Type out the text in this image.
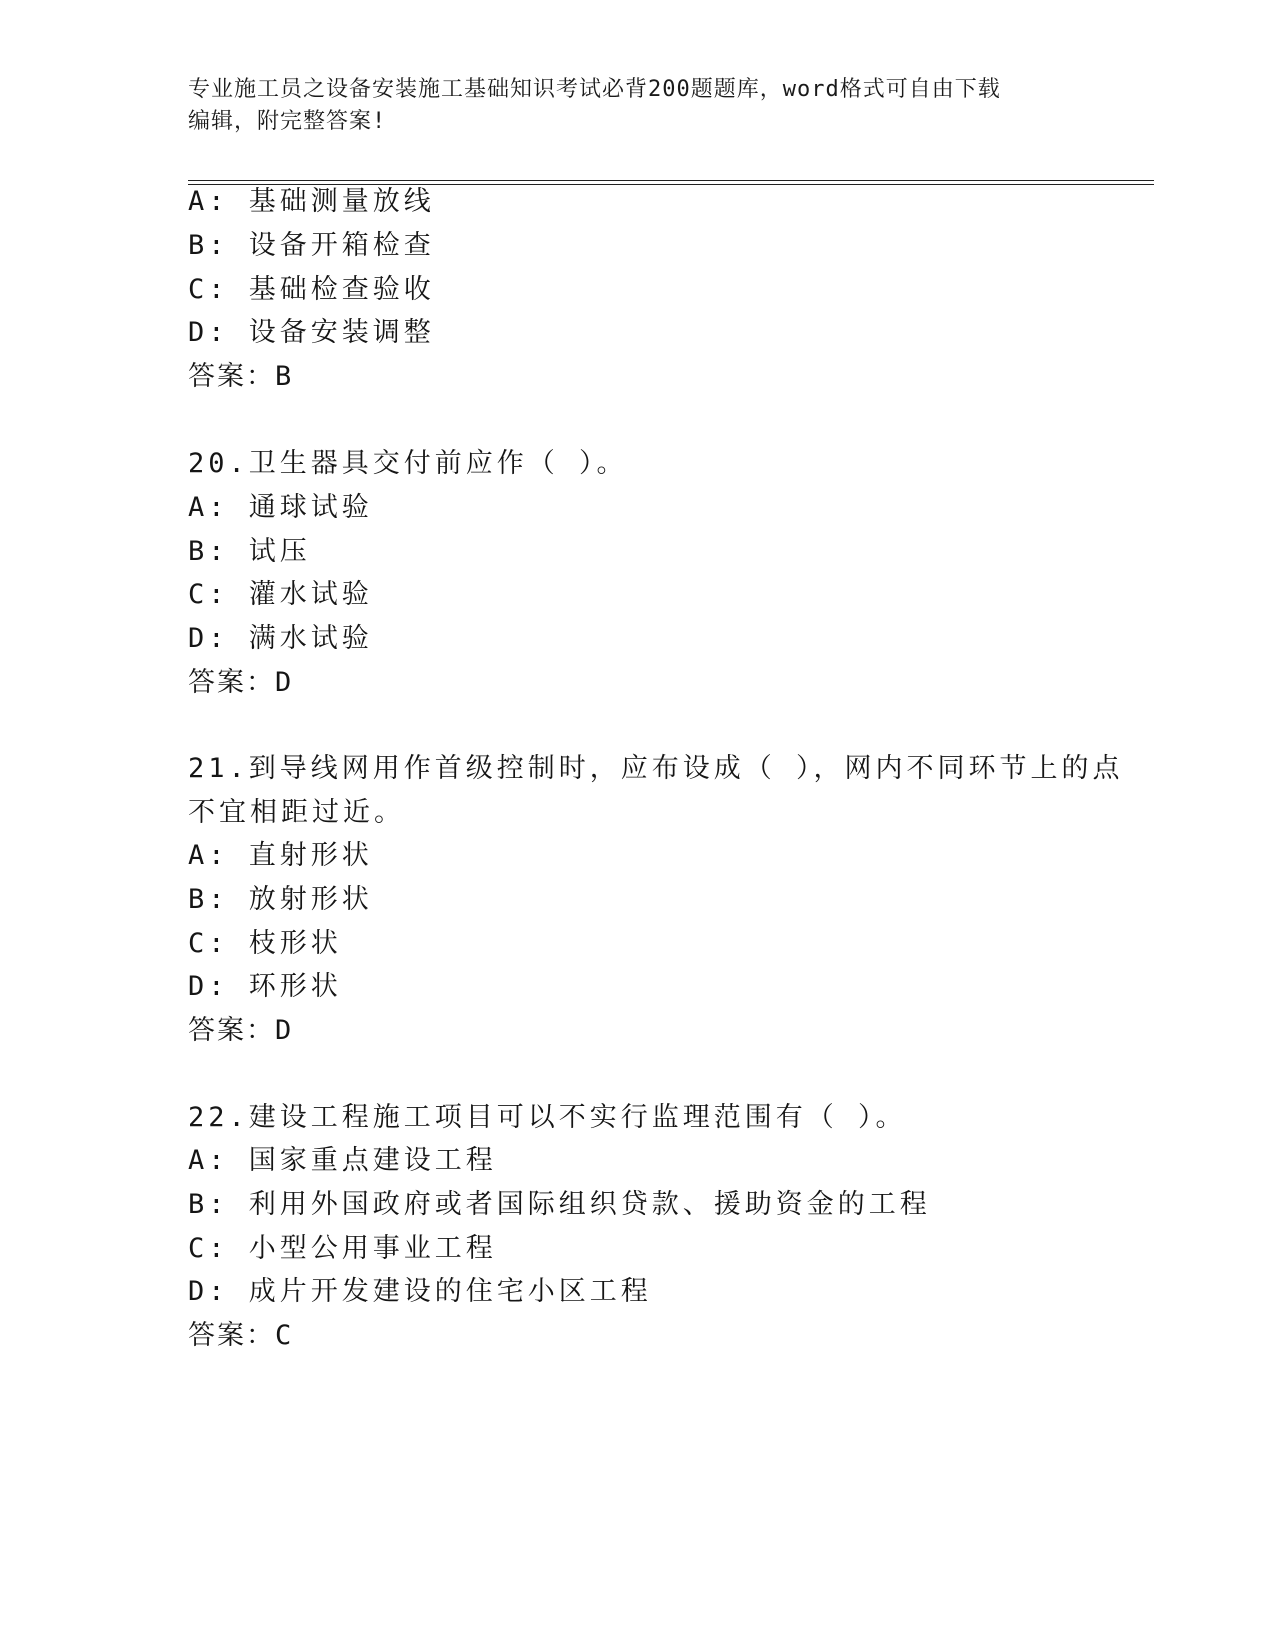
专业施工员之设备安装施工基础知识考试必背200题题库，word格式可自由下载
编辑，附完整答案!
A: 基础测量放线
B: 设备开箱检查
C: 基础检查验收
D: 设备安装调整
答案：B
20.卫生器具交付前应作（ ）。
A: 通球试验
B: 试压
C: 灌水试验
D: 满水试验
答案：D
21.到导线网用作首级控制时，应布设成（ ），网内不同环节上的点
不宜相距过近。
A: 直射形状
B: 放射形状
C: 枝形状
D: 环形状
答案：D
22.建设工程施工项目可以不实行监理范围有（ ）。
A: 国家重点建设工程
B: 利用外国政府或者国际组织贷款、援助资金的工程
C: 小型公用事业工程
D: 成片开发建设的住宅小区工程
答案：C
